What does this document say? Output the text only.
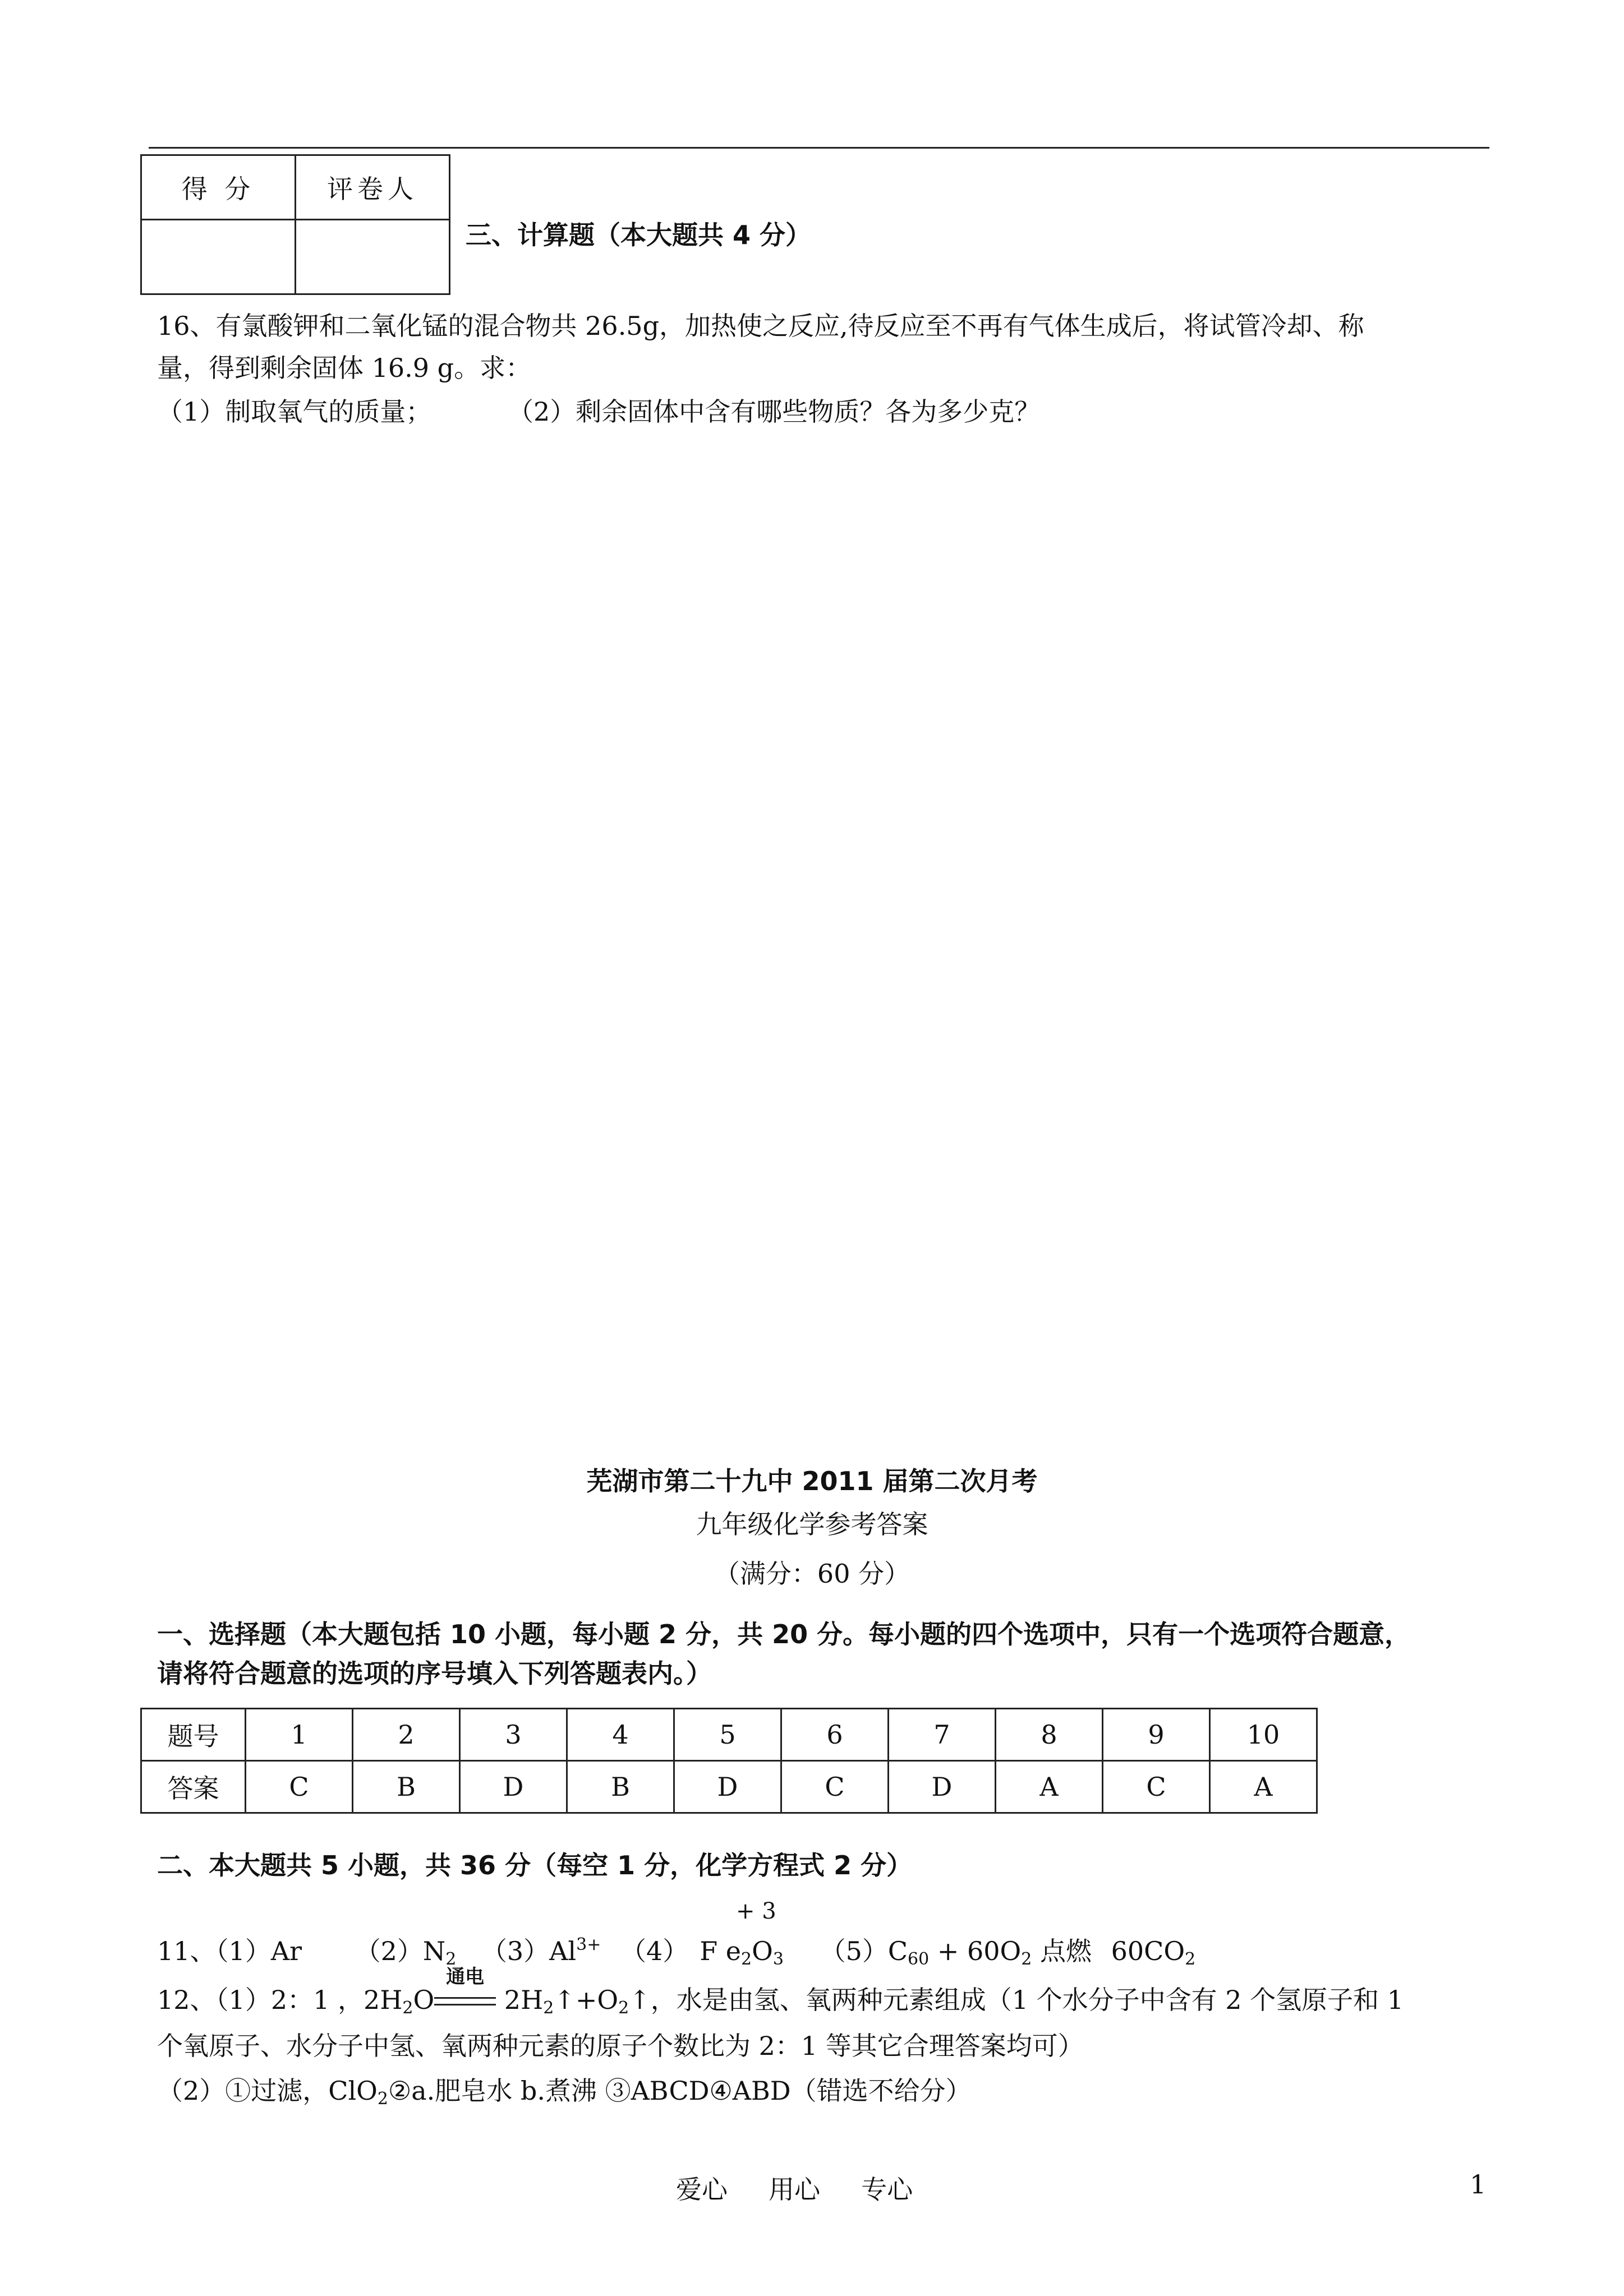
得 分	评卷人

三、计算题（本大题共 4 分）
16、有氯酸钾和二氧化锰的混合物共 26.5g，加热使之反应,待反应至不再有气体生成后，将试管冷却、称
量，得到剩余固体 16.9 g。求：
（1）制取氧气的质量；	（2）剩余固体中含有哪些物质？各为多少克？
芜湖市第二十九中 2011 届第二次月考
九年级化学参考答案
（满分：60 分）
一、选择题（本大题包括 10 小题，每小题 2 分，共 20 分。每小题的四个选项中，只有一个选项符合题意，
请将符合题意的选项的序号填入下列答题表内。）
题号	1	2	3	4	5	6	7	8	9	10
答案	C	B	D	B	D	C	D	A	C	A
二、本大题共 5 小题，共 36 分（每空 1 分，化学方程式 2 分）
+ 3
11、（1）Ar $(2)N_2$ $(3)Al^{3+}$ （4） F $e_2O_3$ $(5)C_{60} + 60O_2$ 点燃 $60CO_2$
12、（1）2：1 ，$2H_2O$
通电
$2H_2↑+O_2↑$，水是由氢、氧两种元素组成（1 个水分子中含有 2 个氢原子和 1
个氧原子、水分子中氢、氧两种元素的原子个数比为 2：1 等其它合理答案均可）
（2）①过滤，ClO$_2$②a.肥皂水 b.煮沸 ③ABCD④ABD（错选不给分）
爱心     用心     专心	1
